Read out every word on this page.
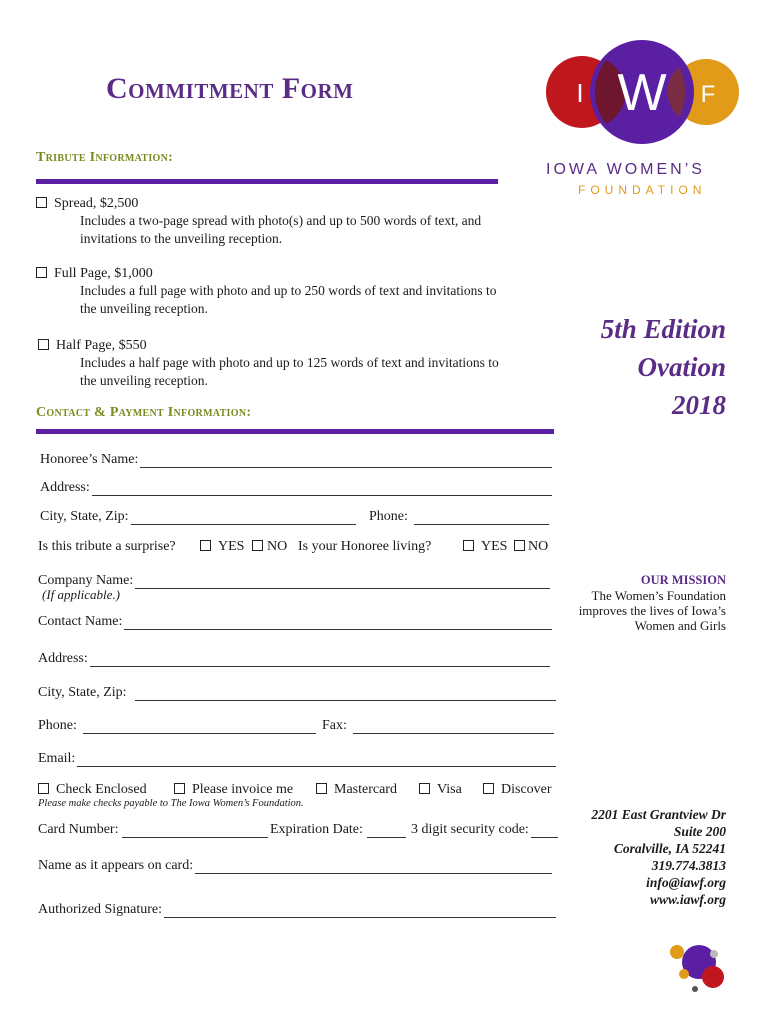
Commitment Form	I W F
IOWA WOMEN’S
FOUNDATION
Tribute Information:
Spread, $2,500
Includes a two-page spread with photo(s) and up to 500 words of text, and
invitations to the unveiling reception.
Full Page, $1,000
Includes a full page with photo and up to 250 words of text and invitations to
the unveiling reception.
Half Page, $550
Includes a half page with photo and up to 125 words of text and invitations to
the unveiling reception.
5th Edition
Ovation
2018
Contact & Payment Information:
Honoree’s Name:
Address:
City, State, Zip:	Phone:
Is this tribute a surprise?	YES	NO Is your Honoree living?	YES	NO
Company Name:
(If applicable.)
Contact Name:
Address:
City, State, Zip:
Phone:	Fax:
Email:
Check Enclosed	Please invoice me	Mastercard	Visa	Discover
Please make checks payable to The Iowa Women’s Foundation.
Card Number:	Expiration Date:	3 digit security code:
Name as it appears on card:
Authorized Signature:
OUR MISSION
The Women’s Foundation
improves the lives of Iowa’s
Women and Girls
2201 East Grantview Dr
Suite 200
Coralville, IA 52241
319.774.3813
info@iawf.org
www.iawf.org
